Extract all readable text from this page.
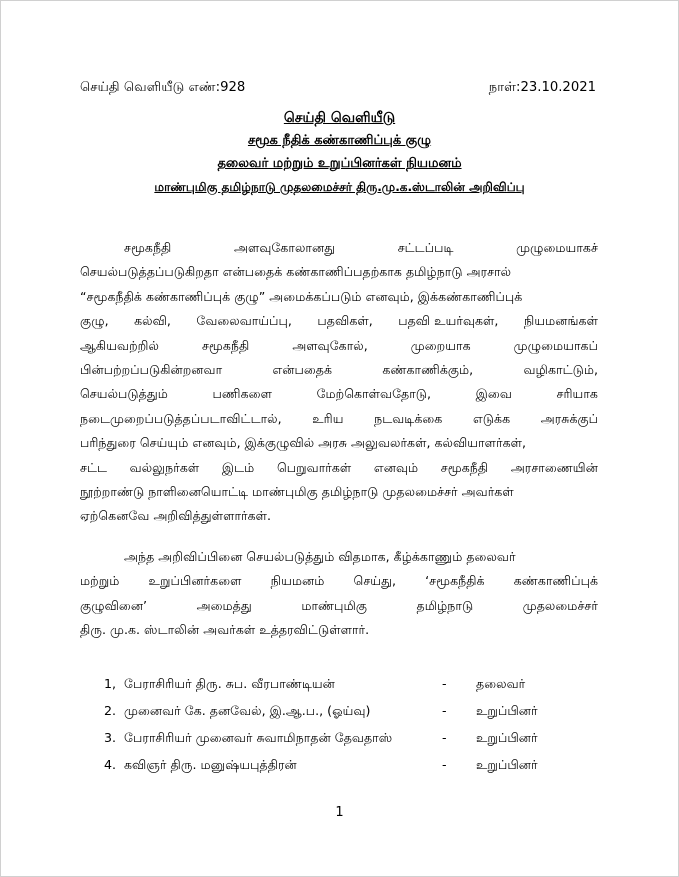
செய்தி வெளியீடு எண்:928	நாள்:23.10.2021
செய்தி வெளியீடு
சமூக நீதிக் கண்காணிப்புக் குழு
தலைவர் மற்றும் உறுப்பினர்கள் நியமனம்
மாண்புமிகு தமிழ்நாடு முதலமைச்சர் திரு.மு.க.ஸ்டாலின் அறிவிப்பு
சமூகநீதி	அளவுகோலானது	சட்டப்படி	முழுமையாகச்
செயல்படுத்தப்படுகிறதா என்பதைக் கண்காணிப்பதற்காக தமிழ்நாடு அரசால்
“சமூகநீதிக் கண்காணிப்புக் குழு” அமைக்கப்படும் எனவும், இக்கண்காணிப்புக்
குழு, கல்வி, வேலைவாய்ப்பு, பதவிகள், பதவி உயர்வுகள், நியமனங்கள்
ஆகியவற்றில்	சமூகநீதி	அளவுகோல்,	முறையாக	முழுமையாகப்
பின்பற்றப்படுகின்றனவா	என்பதைக்	கண்காணிக்கும்,	வழிகாட்டும்,
செயல்படுத்தும்	பணிகளை	மேற்கொள்வதோடு,	இவை	சரியாக
நடைமுறைப்படுத்தப்படாவிட்டால், உரிய நடவடிக்கை எடுக்க அரசுக்குப்
பரிந்துரை செய்யும் எனவும், இக்குழுவில் அரசு அலுவலர்கள், கல்வியாளர்கள்,
சட்ட வல்லுநர்கள் இடம் பெறுவார்கள் எனவும் சமூகநீதி அரசாணையின்
நூற்றாண்டு நாளினையொட்டி மாண்புமிகு தமிழ்நாடு முதலமைச்சர் அவர்கள்
ஏற்கெனவே அறிவித்துள்ளார்கள்.
அந்த அறிவிப்பினை செயல்படுத்தும் விதமாக, கீழ்க்காணும் தலைவர்
மற்றும் உறுப்பினர்களை நியமனம் செய்து, ‘சமூகநீதிக் கண்காணிப்புக்
குழுவினை’	அமைத்து	மாண்புமிகு	தமிழ்நாடு	முதலமைச்சர்
திரு. மு.க. ஸ்டாலின் அவர்கள் உத்தரவிட்டுள்ளார்.
1, பேராசிரியர் திரு. சுப. வீரபாண்டியன்	- தலைவர்
2. முனைவர் கே. தனவேல், இ.ஆ.ப., (ஓய்வு)	- உறுப்பினர்
3. பேராசிரியர் முனைவர் சுவாமிநாதன் தேவதாஸ்	- உறுப்பினர்
4. கவிஞர் திரு. மனுஷ்யபுத்திரன்	- உறுப்பினர்
1
